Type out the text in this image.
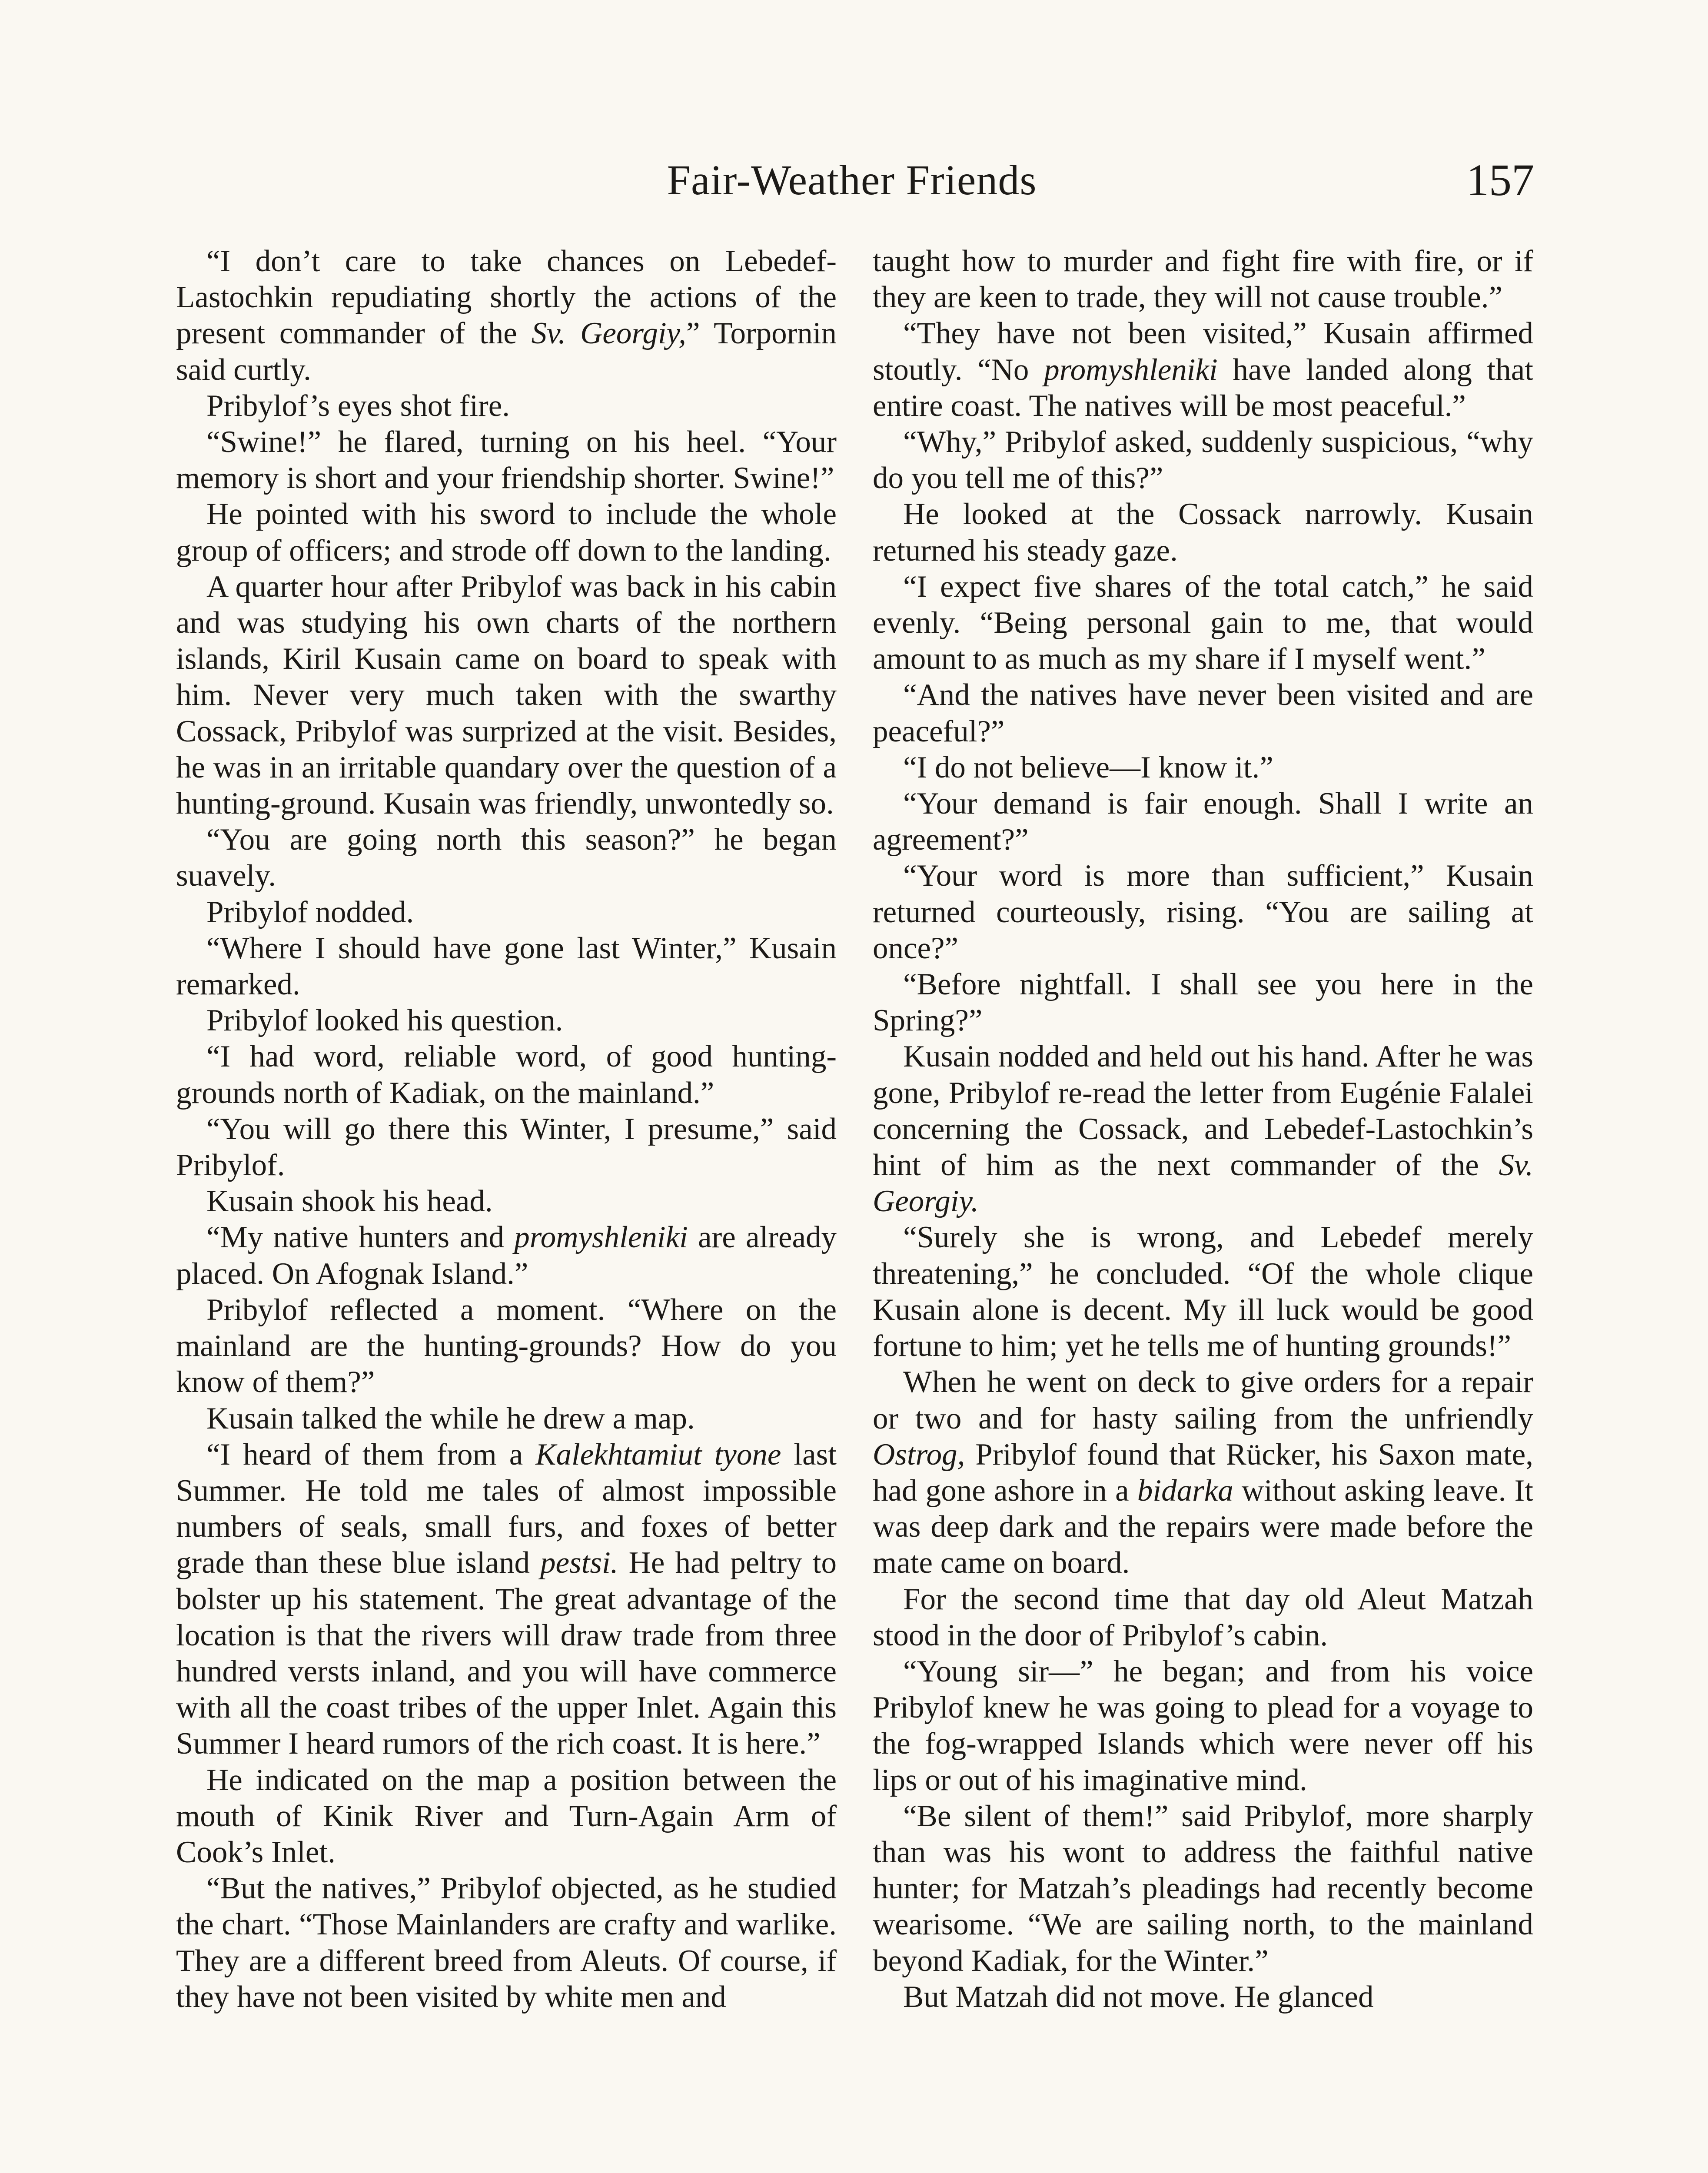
Fair-Weather Friends	157

“I don’t care to take chances on Lebedef-Lastochkin repudiating shortly the actions of the present commander of the Sv. Georgiy,” Torpornin said curtly.

Pribylof’s eyes shot fire.

“Swine!” he flared, turning on his heel. “Your memory is short and your friendship shorter. Swine!”

He pointed with his sword to include the whole group of officers; and strode off down to the landing.

A quarter hour after Pribylof was back in his cabin and was studying his own charts of the northern islands, Kiril Kusain came on board to speak with him. Never very much taken with the swarthy Cossack, Pribylof was surprized at the visit. Besides, he was in an irritable quandary over the question of a hunting-ground. Kusain was friendly, unwontedly so.

“You are going north this season?” he began suavely.

Pribylof nodded.

“Where I should have gone last Winter,” Kusain remarked.

Pribylof looked his question.

“I had word, reliable word, of good hunting-grounds north of Kadiak, on the mainland.”

“You will go there this Winter, I presume,” said Pribylof.

Kusain shook his head.

“My native hunters and promyshleniki are already placed. On Afognak Island.”

Pribylof reflected a moment. “Where on the mainland are the hunting-grounds? How do you know of them?”

Kusain talked the while he drew a map.

“I heard of them from a Kalekhtamiut tyone last Summer. He told me tales of almost impossible numbers of seals, small furs, and foxes of better grade than these blue island pestsi. He had peltry to bolster up his statement. The great advantage of the location is that the rivers will draw trade from three hundred versts inland, and you will have commerce with all the coast tribes of the upper Inlet. Again this Summer I heard rumors of the rich coast. It is here.”

He indicated on the map a position between the mouth of Kinik River and Turn-Again Arm of Cook’s Inlet.

“But the natives,” Pribylof objected, as he studied the chart. “Those Mainlanders are crafty and warlike. They are a different breed from Aleuts. Of course, if they have not been visited by white men and

taught how to murder and fight fire with fire, or if they are keen to trade, they will not cause trouble.”

“They have not been visited,” Kusain affirmed stoutly. “No promyshleniki have landed along that entire coast. The natives will be most peaceful.”

“Why,” Pribylof asked, suddenly suspicious, “why do you tell me of this?”

He looked at the Cossack narrowly. Kusain returned his steady gaze.

“I expect five shares of the total catch,” he said evenly. “Being personal gain to me, that would amount to as much as my share if I myself went.”

“And the natives have never been visited and are peaceful?”

“I do not believe—I know it.”

“Your demand is fair enough. Shall I write an agreement?”

“Your word is more than sufficient,” Kusain returned courteously, rising. “You are sailing at once?”

“Before nightfall. I shall see you here in the Spring?”

Kusain nodded and held out his hand. After he was gone, Pribylof re-read the letter from Eugénie Falalei concerning the Cossack, and Lebedef-Lastochkin’s hint of him as the next commander of the Sv. Georgiy.

“Surely she is wrong, and Lebedef merely threatening,” he concluded. “Of the whole clique Kusain alone is decent. My ill luck would be good fortune to him; yet he tells me of hunting grounds!”

When he went on deck to give orders for a repair or two and for hasty sailing from the unfriendly Ostrog, Pribylof found that Rücker, his Saxon mate, had gone ashore in a bidarka without asking leave. It was deep dark and the repairs were made before the mate came on board.

For the second time that day old Aleut Matzah stood in the door of Pribylof’s cabin.

“Young sir—” he began; and from his voice Pribylof knew he was going to plead for a voyage to the fog-wrapped Islands which were never off his lips or out of his imaginative mind.

“Be silent of them!” said Pribylof, more sharply than was his wont to address the faithful native hunter; for Matzah’s pleadings had recently become wearisome. “We are sailing north, to the mainland beyond Kadiak, for the Winter.”

But Matzah did not move. He glanced
